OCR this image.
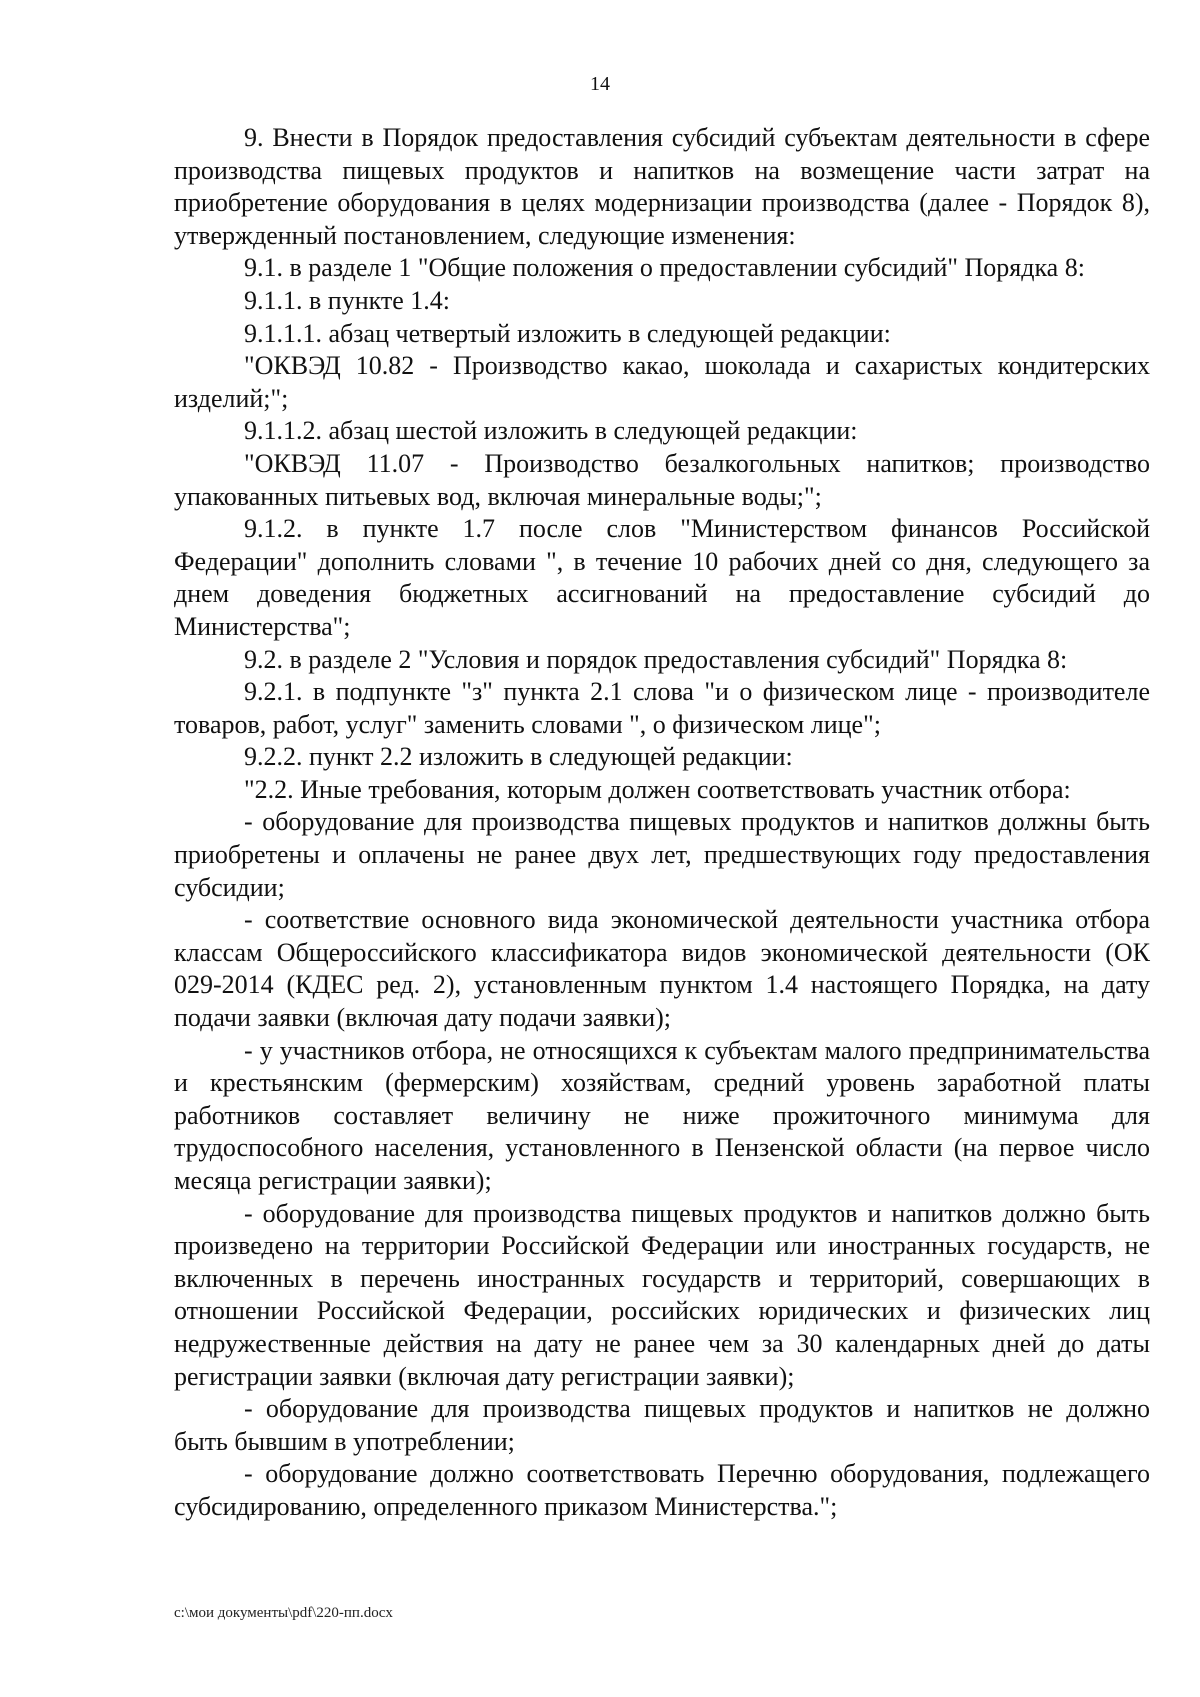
14

9. Внести в Порядок предоставления субсидий субъектам деятельности в сфере производства пищевых продуктов и напитков на возмещение части затрат на приобретение оборудования в целях модернизации производства (далее - Порядок 8), утвержденный постановлением, следующие изменения:

9.1. в разделе 1 "Общие положения о предоставлении субсидий" Порядка 8:

9.1.1. в пункте 1.4:

9.1.1.1. абзац четвертый изложить в следующей редакции:

"ОКВЭД 10.82 - Производство какао, шоколада и сахаристых кондитерских изделий;";

9.1.1.2. абзац шестой изложить в следующей редакции:

"ОКВЭД 11.07 - Производство безалкогольных напитков; производство упакованных питьевых вод, включая минеральные воды;";

9.1.2. в пункте 1.7 после слов "Министерством финансов Российской Федерации" дополнить словами ", в течение 10 рабочих дней со дня, следующего за днем доведения бюджетных ассигнований на предоставление субсидий до Министерства";

9.2. в разделе 2 "Условия и порядок предоставления субсидий" Порядка 8:

9.2.1. в подпункте "з" пункта 2.1 слова "и о физическом лице - производителе товаров, работ, услуг" заменить словами ", о физическом лице";

9.2.2. пункт 2.2 изложить в следующей редакции:

"2.2. Иные требования, которым должен соответствовать участник отбора:

- оборудование для производства пищевых продуктов и напитков должны быть приобретены и оплачены не ранее двух лет, предшествующих году предоставления субсидии;

- соответствие основного вида экономической деятельности участника отбора классам Общероссийского классификатора видов экономической деятельности (ОК 029-2014 (КДЕС ред. 2), установленным пунктом 1.4 настоящего Порядка, на дату подачи заявки (включая дату подачи заявки);

- у участников отбора, не относящихся к субъектам малого предпринимательства и крестьянским (фермерским) хозяйствам, средний уровень заработной платы работников составляет величину не ниже прожиточного минимума для трудоспособного населения, установленного в Пензенской области (на первое число месяца регистрации заявки);

- оборудование для производства пищевых продуктов и напитков должно быть произведено на территории Российской Федерации или иностранных государств, не включенных в перечень иностранных государств и территорий, совершающих в отношении Российской Федерации, российских юридических и физических лиц недружественные действия на дату не ранее чем за 30 календарных дней до даты регистрации заявки (включая дату регистрации заявки);

- оборудование для производства пищевых продуктов и напитков не должно быть бывшим в употреблении;

- оборудование должно соответствовать Перечню оборудования, подлежащего субсидированию, определенного приказом Министерства.";

c:\мои документы\pdf\220-пп.docx
